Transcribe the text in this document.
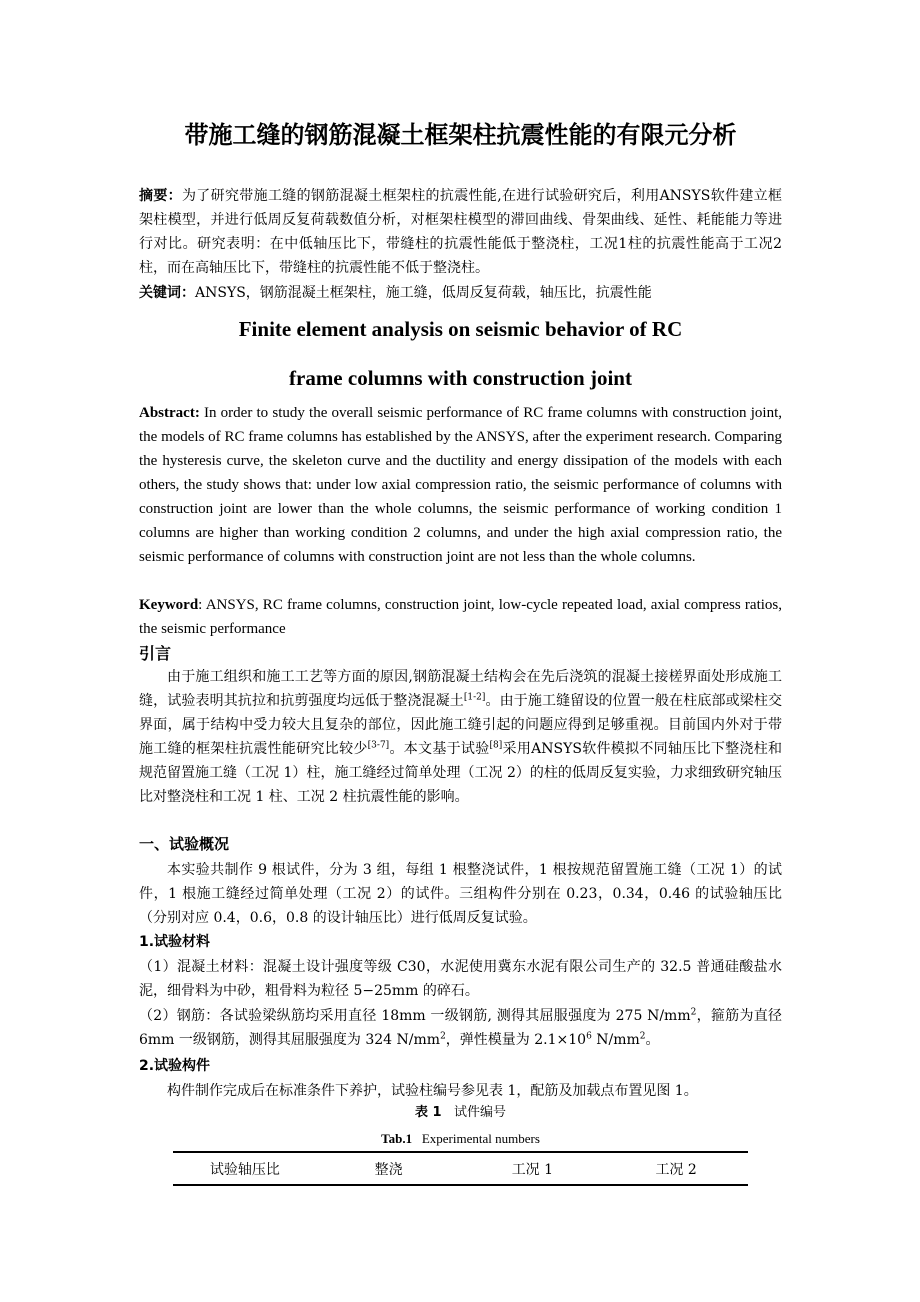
带施工缝的钢筋混凝土框架柱抗震性能的有限元分析
摘要：为了研究带施工缝的钢筋混凝土框架柱的抗震性能,在进行试验研究后，利用ANSYS软件建立框架柱模型，并进行低周反复荷载数值分析，对框架柱模型的滞回曲线、骨架曲线、延性、耗能能力等进行对比。研究表明：在中低轴压比下，带缝柱的抗震性能低于整浇柱，工况1柱的抗震性能高于工况2柱，而在高轴压比下，带缝柱的抗震性能不低于整浇柱。
关键词：ANSYS，钢筋混凝土框架柱，施工缝，低周反复荷载，轴压比，抗震性能
Finite element analysis on seismic behavior of RC
frame columns with construction joint
Abstract: In order to study the overall seismic performance of RC frame columns with construction joint, the models of RC frame columns has established by the ANSYS, after the experiment research. Comparing the hysteresis curve, the skeleton curve and the ductility and energy dissipation of the models with each others, the study shows that: under low axial compression ratio, the seismic performance of columns with construction joint are lower than the whole columns, the seismic performance of working condition 1 columns are higher than working condition 2 columns, and under the high axial compression ratio, the seismic performance of columns with construction joint are not less than the whole columns.
Keyword: ANSYS, RC frame columns, construction joint, low-cycle repeated load, axial compress ratios, the seismic performance
引言
由于施工组织和施工工艺等方面的原因,钢筋混凝土结构会在先后浇筑的混凝土接槎界面处形成施工缝，试验表明其抗拉和抗剪强度均远低于整浇混凝土[1-2]。由于施工缝留设的位置一般在柱底部或梁柱交界面，属于结构中受力较大且复杂的部位，因此施工缝引起的问题应得到足够重视。目前国内外对于带施工缝的框架柱抗震性能研究比较少[3-7]。本文基于试验[8]采用ANSYS软件模拟不同轴压比下整浇柱和规范留置施工缝（工况 1）柱，施工缝经过简单处理（工况 2）的柱的低周反复实验，力求细致研究轴压比对整浇柱和工况 1 柱、工况 2 柱抗震性能的影响。
一、试验概况
本实验共制作 9 根试件，分为 3 组，每组 1 根整浇试件，1 根按规范留置施工缝（工况 1）的试件，1 根施工缝经过简单处理（工况 2）的试件。三组构件分别在 0.23，0.34，0.46 的试验轴压比（分别对应 0.4，0.6，0.8 的设计轴压比）进行低周反复试验。
1.试验材料
（1）混凝土材料：混凝土设计强度等级 C30，水泥使用冀东水泥有限公司生产的 32.5 普通硅酸盐水泥，细骨料为中砂，粗骨料为粒径 5−25mm 的碎石。
（2）钢筋：各试验梁纵筋均采用直径 18mm 一级钢筋, 测得其屈服强度为 275 $N/mm^2$，箍筋为直径 6mm 一级钢筋，测得其屈服强度为 324 $N/mm^2$，弹性模量为 $2.1\times 10^6$ $N/mm^2$。
2.试验构件
构件制作完成后在标准条件下养护，试验柱编号参见表 1，配筋及加载点布置见图 1。
表 1 试件编号
Tab.1 Experimental numbers
试验轴压比	整浇	工况 1	工况 2
